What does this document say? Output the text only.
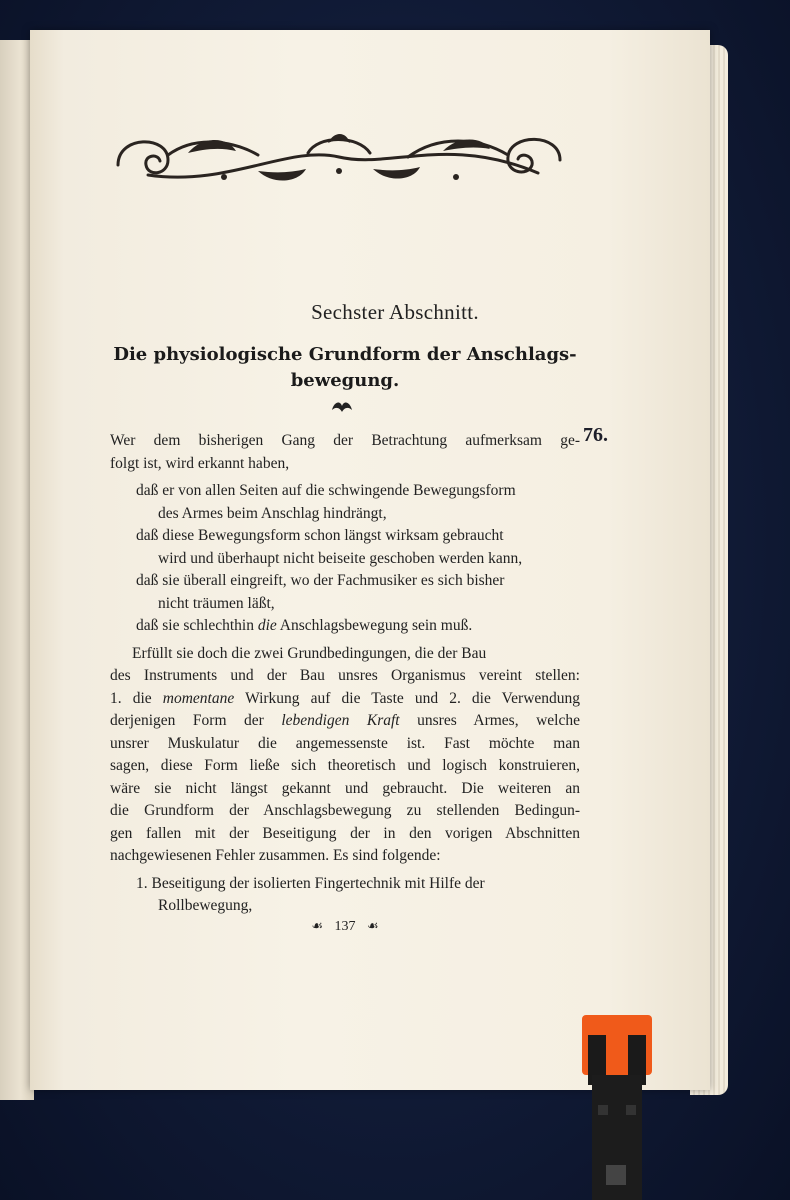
Sechster Abschnitt.
Die physiologische Grundform der Anschlags-
bewegung.
76.
Wer dem bisherigen Gang der Betrachtung aufmerksam ge-
folgt ist, wird erkannt haben,
daß er von allen Seiten auf die schwingende Bewegungsform
des Armes beim Anschlag hindrängt,
daß diese Bewegungsform schon längst wirksam gebraucht
wird und überhaupt nicht beiseite geschoben werden kann,
daß sie überall eingreift, wo der Fachmusiker es sich bisher
nicht träumen läßt,
daß sie schlechthin die Anschlagsbewegung sein muß.
Erfüllt sie doch die zwei Grundbedingungen, die der Bau
des Instruments und der Bau unsres Organismus vereint stellen:
1. die momentane Wirkung auf die Taste und 2. die Verwendung
derjenigen Form der lebendigen Kraft unsres Armes, welche
unsrer Muskulatur die angemessenste ist. Fast möchte man
sagen, diese Form ließe sich theoretisch und logisch konstruieren,
wäre sie nicht längst gekannt und gebraucht. Die weiteren an
die Grundform der Anschlagsbewegung zu stellenden Bedingun-
gen fallen mit der Beseitigung der in den vorigen Abschnitten
nachgewiesenen Fehler zusammen. Es sind folgende:
1. Beseitigung der isolierten Fingertechnik mit Hilfe der
Rollbewegung,
☙ 137 ☙
